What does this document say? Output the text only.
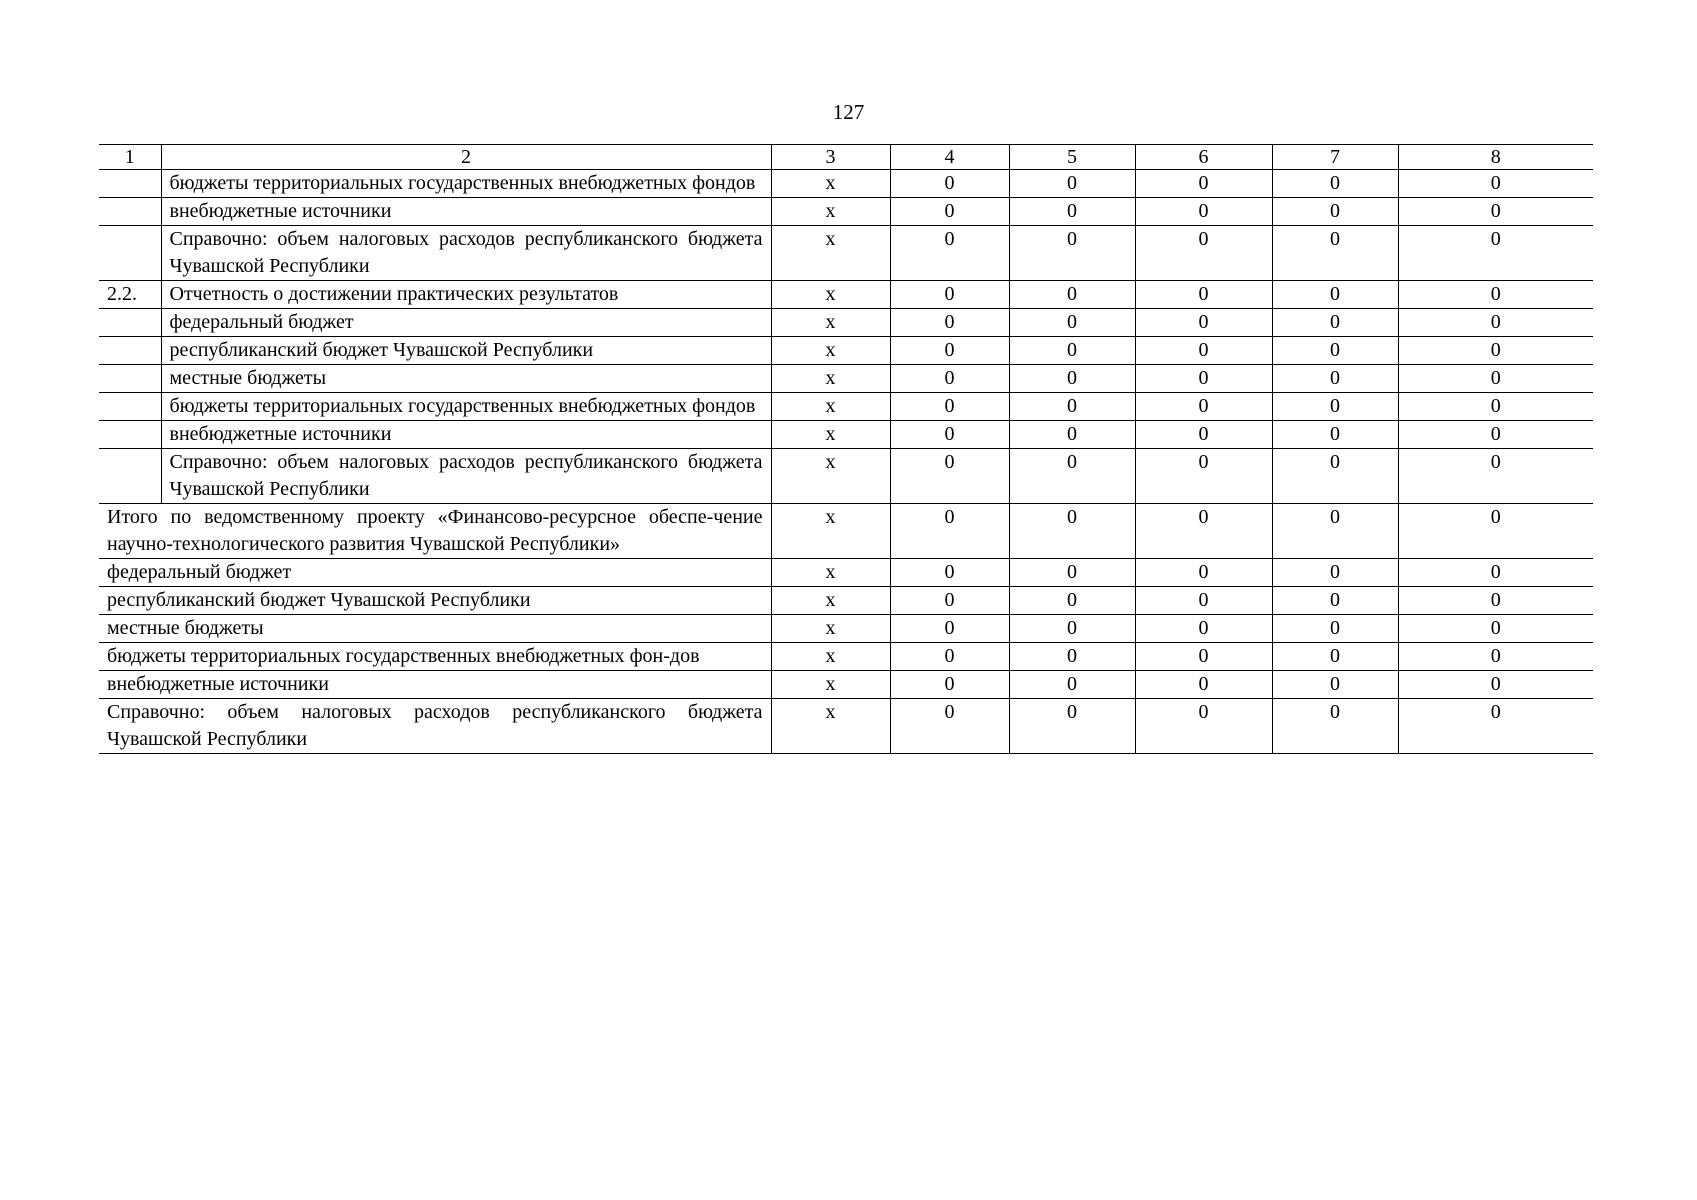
127
1	2	3	4	5	6	7	8
	бюджеты территориальных государственных внебюджетных фондов	х	0	0	0	0	0
	внебюджетные источники	х	0	0	0	0	0
	Справочно: объем налоговых расходов республиканского бюджета Чувашской Республики	х	0	0	0	0	0
2.2.	Отчетность о достижении практических результатов	х	0	0	0	0	0
	федеральный бюджет	х	0	0	0	0	0
	республиканский бюджет Чувашской Республики	х	0	0	0	0	0
	местные бюджеты	х	0	0	0	0	0
	бюджеты территориальных государственных внебюджетных фондов	х	0	0	0	0	0
	внебюджетные источники	х	0	0	0	0	0
	Справочно: объем налоговых расходов республиканского бюджета Чувашской Республики	х	0	0	0	0	0
Итого по ведомственному проекту «Финансово-ресурсное обеспе-чение научно-технологического развития Чувашской Республики»		х	0	0	0	0	0
федеральный бюджет		х	0	0	0	0	0
республиканский бюджет Чувашской Республики		х	0	0	0	0	0
местные бюджеты		х	0	0	0	0	0
бюджеты территориальных государственных внебюджетных фон-дов		х	0	0	0	0	0
внебюджетные источники		х	0	0	0	0	0
Справочно: объем налоговых расходов республиканского бюджета Чувашской Республики		х	0	0	0	0	0
